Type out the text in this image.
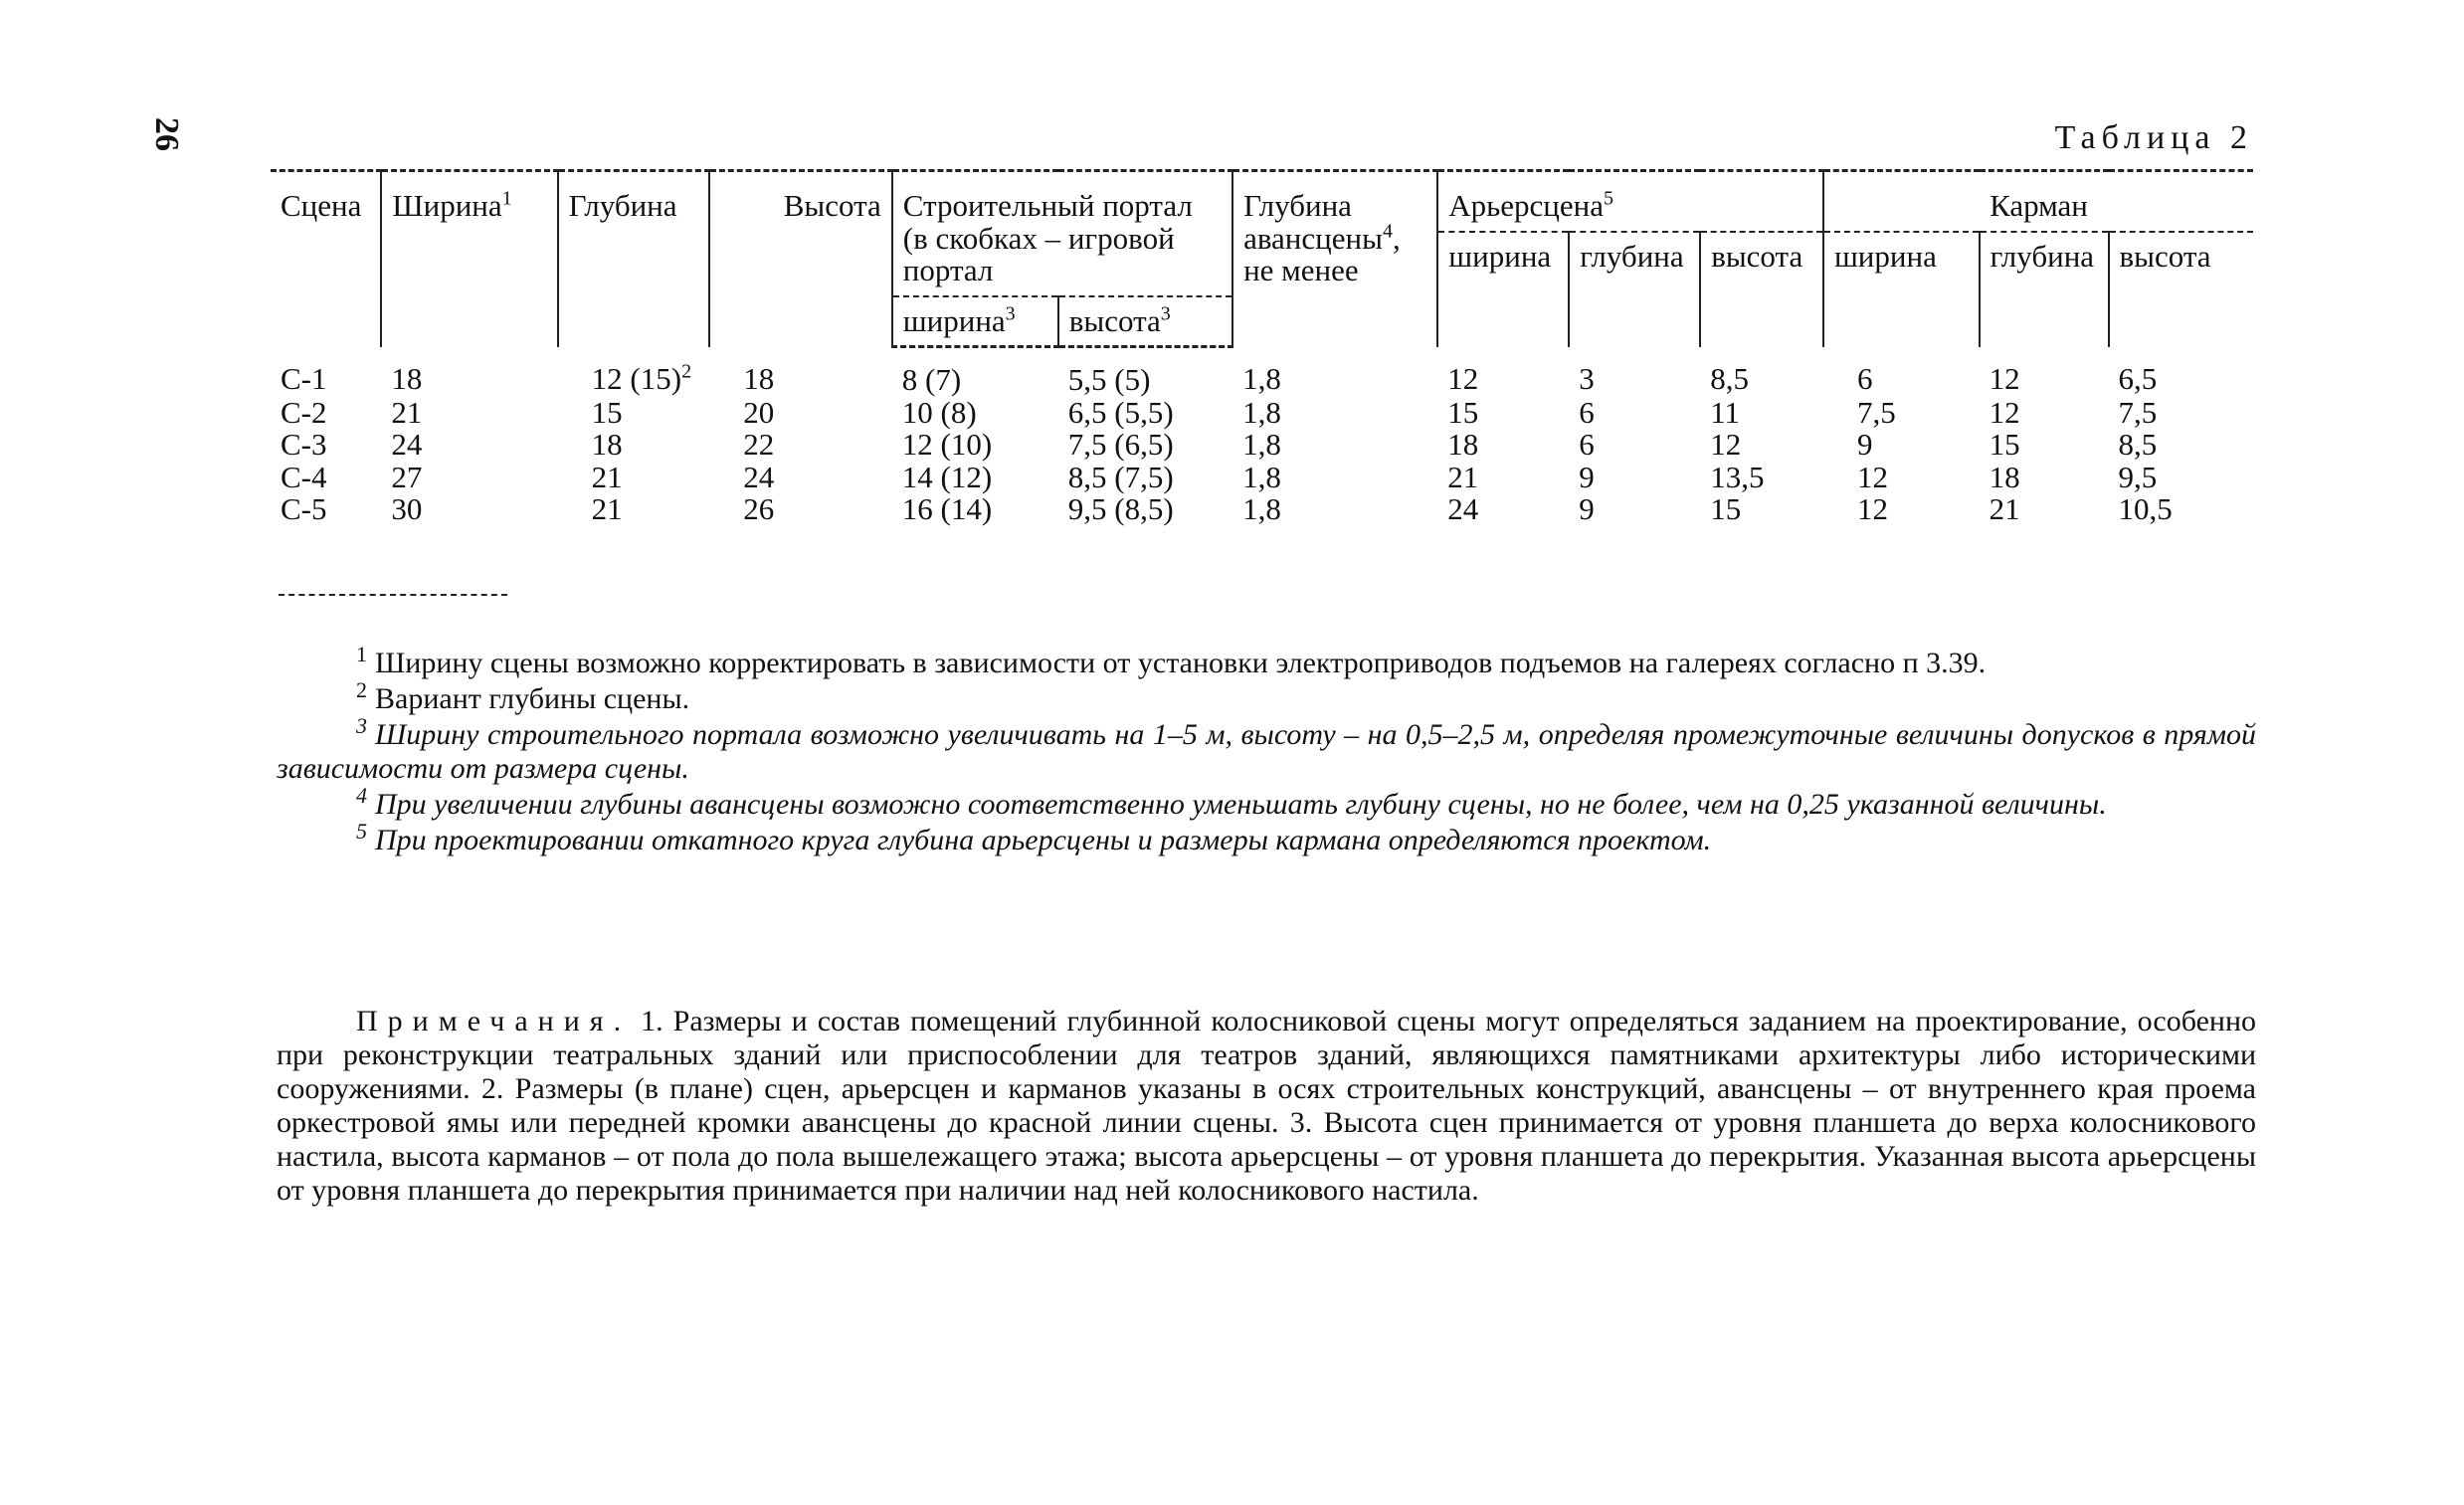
26	Таблица 2
Сцена	Ширина$^1$	Глубина	Высота	Строительный портал (в скобках – игровой портал		Глубина авансцены$^4$, не менее	Арьерсцена$^5$			Карман		
							ширина	глубина	высота	ширина	глубина	высота
				ширина$^3$	высота$^3$
С-1	18	12 $(15)^2$	18	8 (7)	5,5 (5)	1,8	12	3	8,5	6	12	6,5
С-2	21	15	20	10 (8)	6,5 (5,5)	1,8	15	6	11	7,5	12	7,5
С-3	24	18	22	12 (10)	7,5 (6,5)	1,8	18	6	12	9	15	8,5
С-4	27	21	24	14 (12)	8,5 (7,5)	1,8	21	9	13,5	12	18	9,5
С-5	30	21	26	16 (14)	9,5 (8,5)	1,8	24	9	15	12	21	10,5

$^1$ Ширину сцены возможно корректировать в зависимости от установки электроприводов подъемов на галереях согласно п 3.39.

$^2$ Вариант глубины сцены.

$^3$ Ширину строительного портала возможно увеличивать на 1–5 м, высоту – на 0,5–2,5 м, определяя промежуточные величины допусков в прямой зависимости от размера сцены.

$^4$ При увеличении глубины авансцены возможно соответственно уменьшать глубину сцены, но не более, чем на 0,25 указанной величины.

$^5$ При проектировании откатного круга глубина арьерсцены и размеры кармана определяются проектом.

Примечания. 1. Размеры и состав помещений глубинной колосниковой сцены могут определяться заданием на проектирование, особенно при реконструкции театральных зданий или приспособлении для театров зданий, являющихся памятниками архитектуры либо историческими сооружениями. 2. Размеры (в плане) сцен, арьерсцен и карманов указаны в осях строительных конструкций, авансцены – от внутреннего края проема оркестровой ямы или передней кромки авансцены до красной линии сцены. 3. Высота сцен принимается от уровня планшета до верха колосникового настила, высота карманов – от пола до пола вышележащего этажа; высота арьерсцены – от уровня планшета до перекрытия. Указанная высота арьерсцены от уровня планшета до перекрытия принимается при наличии над ней колосникового настила.
